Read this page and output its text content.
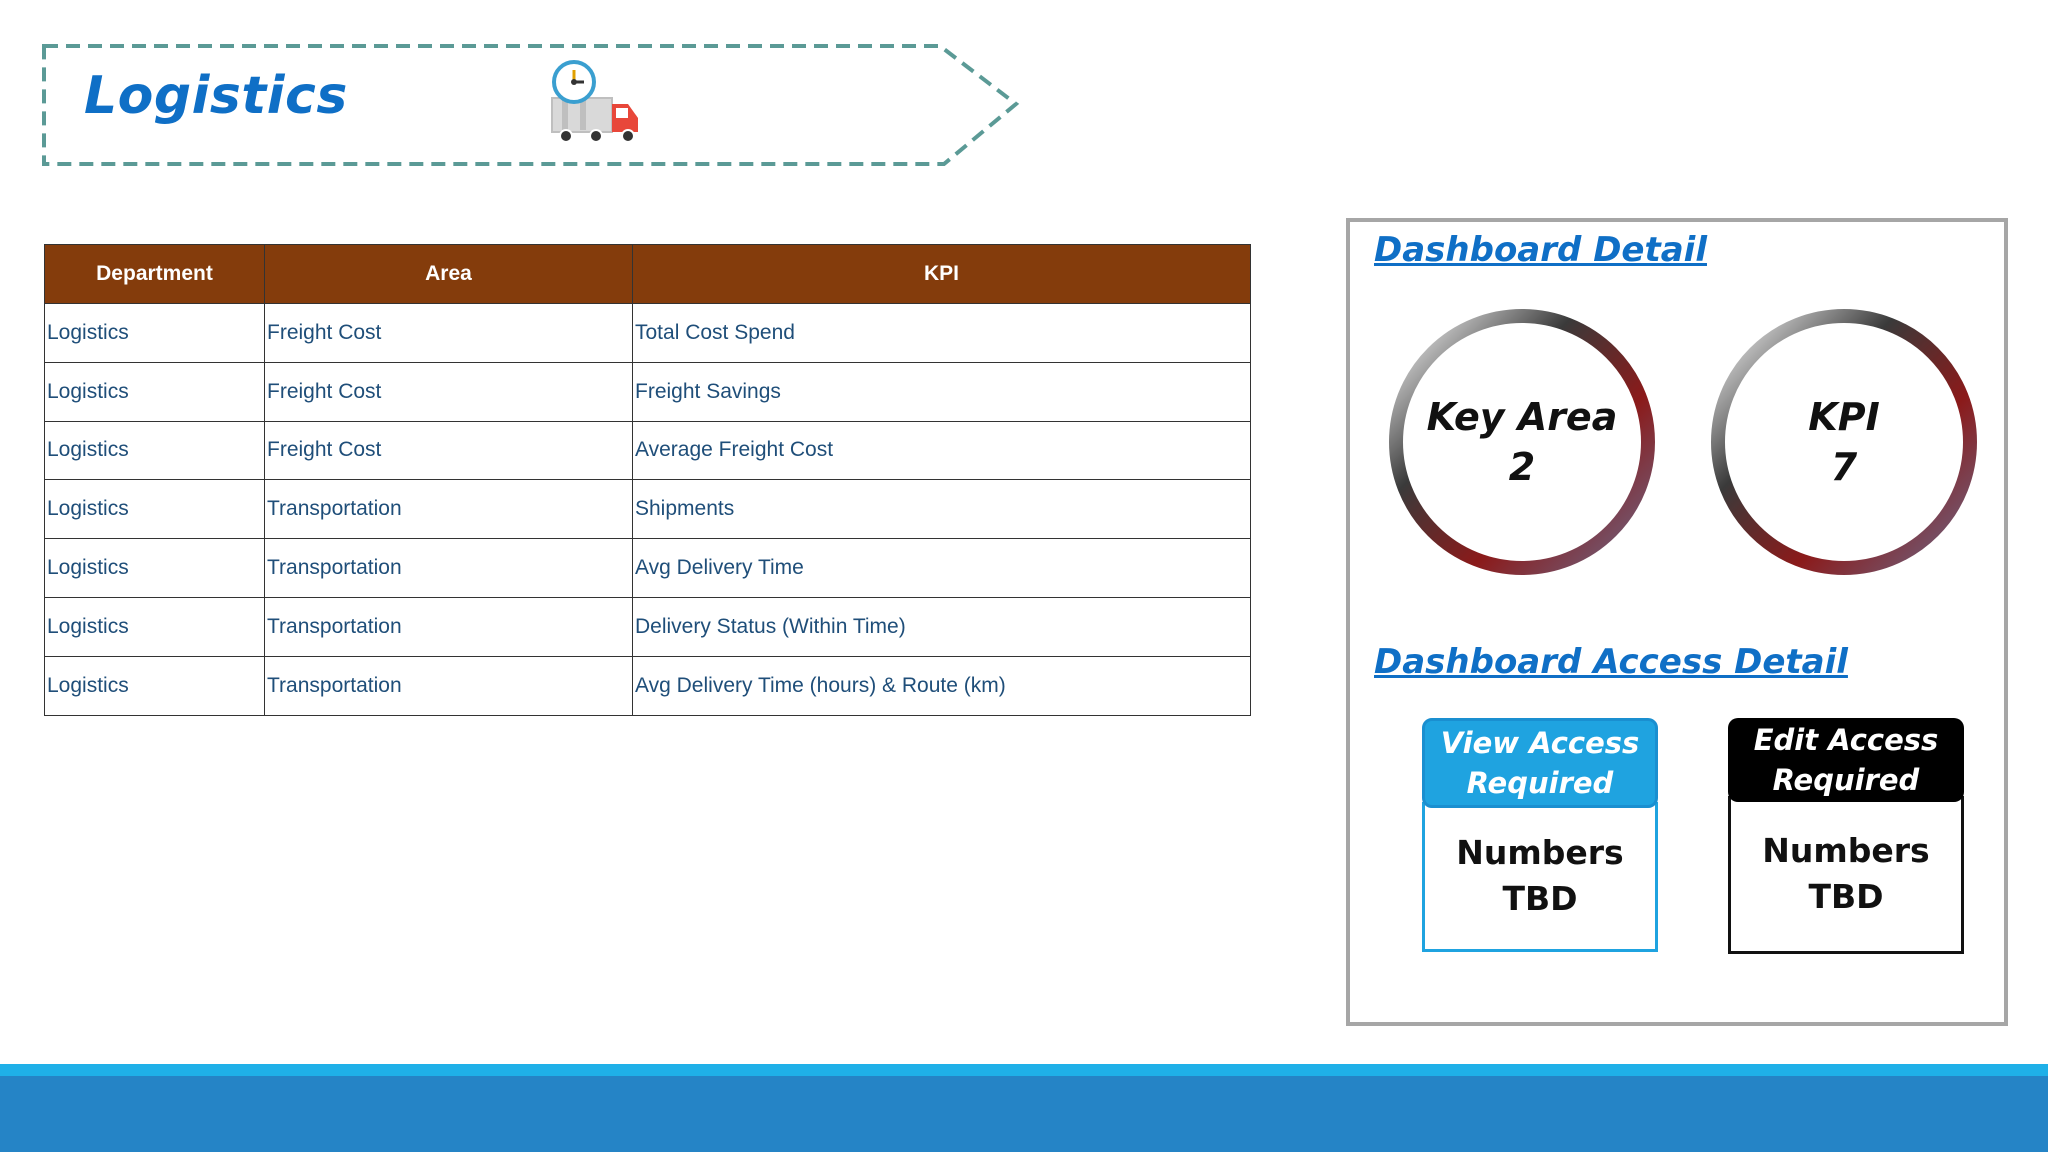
Logistics
Department	Area	KPI
Logistics	Freight Cost	Total Cost Spend
Logistics	Freight Cost	Freight Savings
Logistics	Freight Cost	Average Freight Cost
Logistics	Transportation	Shipments
Logistics	Transportation	Avg Delivery Time
Logistics	Transportation	Delivery Status (Within Time)
Logistics	Transportation	Avg Delivery Time (hours) & Route (km)
Dashboard Detail
Key Area
2
KPI
7
Dashboard Access Detail
View Access
Required
Numbers
TBD
Edit Access
Required
Numbers
TBD
